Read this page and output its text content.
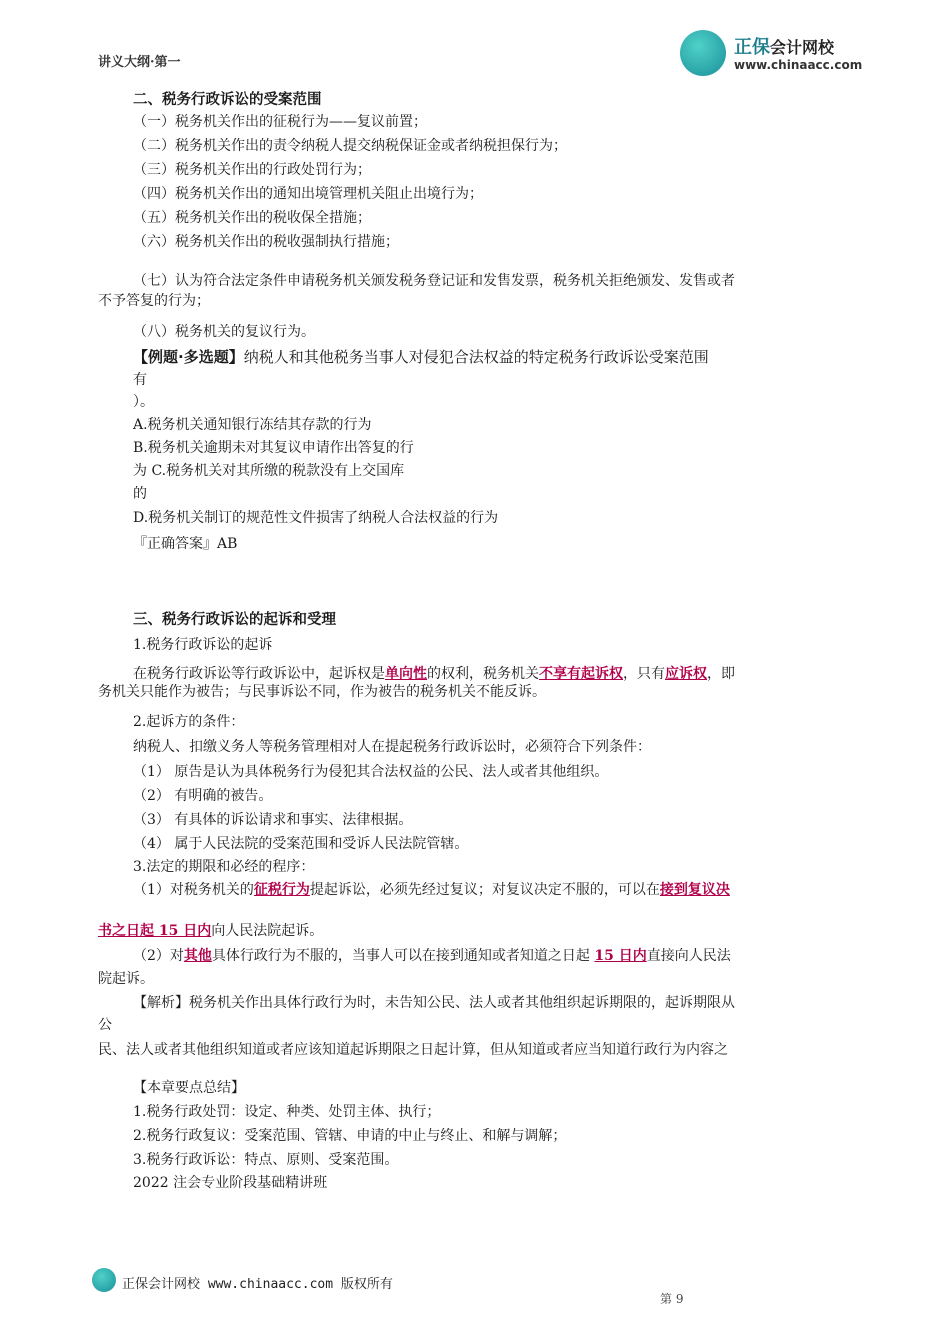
讲义大纲·第一
正保会计网校
www.chinaacc.com
二、税务行政诉讼的受案范围
（一）税务机关作出的征税行为——复议前置；
（二）税务机关作出的责令纳税人提交纳税保证金或者纳税担保行为；
（三）税务机关作出的行政处罚行为；
（四）税务机关作出的通知出境管理机关阻止出境行为；
（五）税务机关作出的税收保全措施；
（六）税务机关作出的税收强制执行措施；
（七）认为符合法定条件申请税务机关颁发税务登记证和发售发票，税务机关拒绝颁发、发售或者
不予答复的行为；
（八）税务机关的复议行为。
【例题·多选题】纳税人和其他税务当事人对侵犯合法权益的特定税务行政诉讼受案范围
有
）。
A.税务机关通知银行冻结其存款的行为
B.税务机关逾期未对其复议申请作出答复的行
为 C.税务机关对其所缴的税款没有上交国库
的
D.税务机关制订的规范性文件损害了纳税人合法权益的行为
『正确答案』AB
三、税务行政诉讼的起诉和受理
1.税务行政诉讼的起诉
在税务行政诉讼等行政诉讼中，起诉权是单向性的权利，税务机关不享有起诉权，只有应诉权，即
务机关只能作为被告；与民事诉讼不同，作为被告的税务机关不能反诉。
2.起诉方的条件：
纳税人、扣缴义务人等税务管理相对人在提起税务行政诉讼时，必须符合下列条件：
（1） 原告是认为具体税务行为侵犯其合法权益的公民、法人或者其他组织。
（2） 有明确的被告。
（3） 有具体的诉讼请求和事实、法律根据。
（4） 属于人民法院的受案范围和受诉人民法院管辖。
3.法定的期限和必经的程序：
（1）对税务机关的征税行为提起诉讼，必须先经过复议；对复议决定不服的，可以在接到复议决
书之日起 15 日内向人民法院起诉。
（2）对其他具体行政行为不服的，当事人可以在接到通知或者知道之日起 15 日内直接向人民法
院起诉。
【解析】税务机关作出具体行政行为时，未告知公民、法人或者其他组织起诉期限的，起诉期限从
公
民、法人或者其他组织知道或者应该知道起诉期限之日起计算，但从知道或者应当知道行政行为内容之
【本章要点总结】
1.税务行政处罚：设定、种类、处罚主体、执行；
2.税务行政复议：受案范围、管辖、申请的中止与终止、和解与调解；
3.税务行政诉讼：特点、原则、受案范围。
2022 注会专业阶段基础精讲班
正保会计网校 www.chinaacc.com 版权所有
第 9
